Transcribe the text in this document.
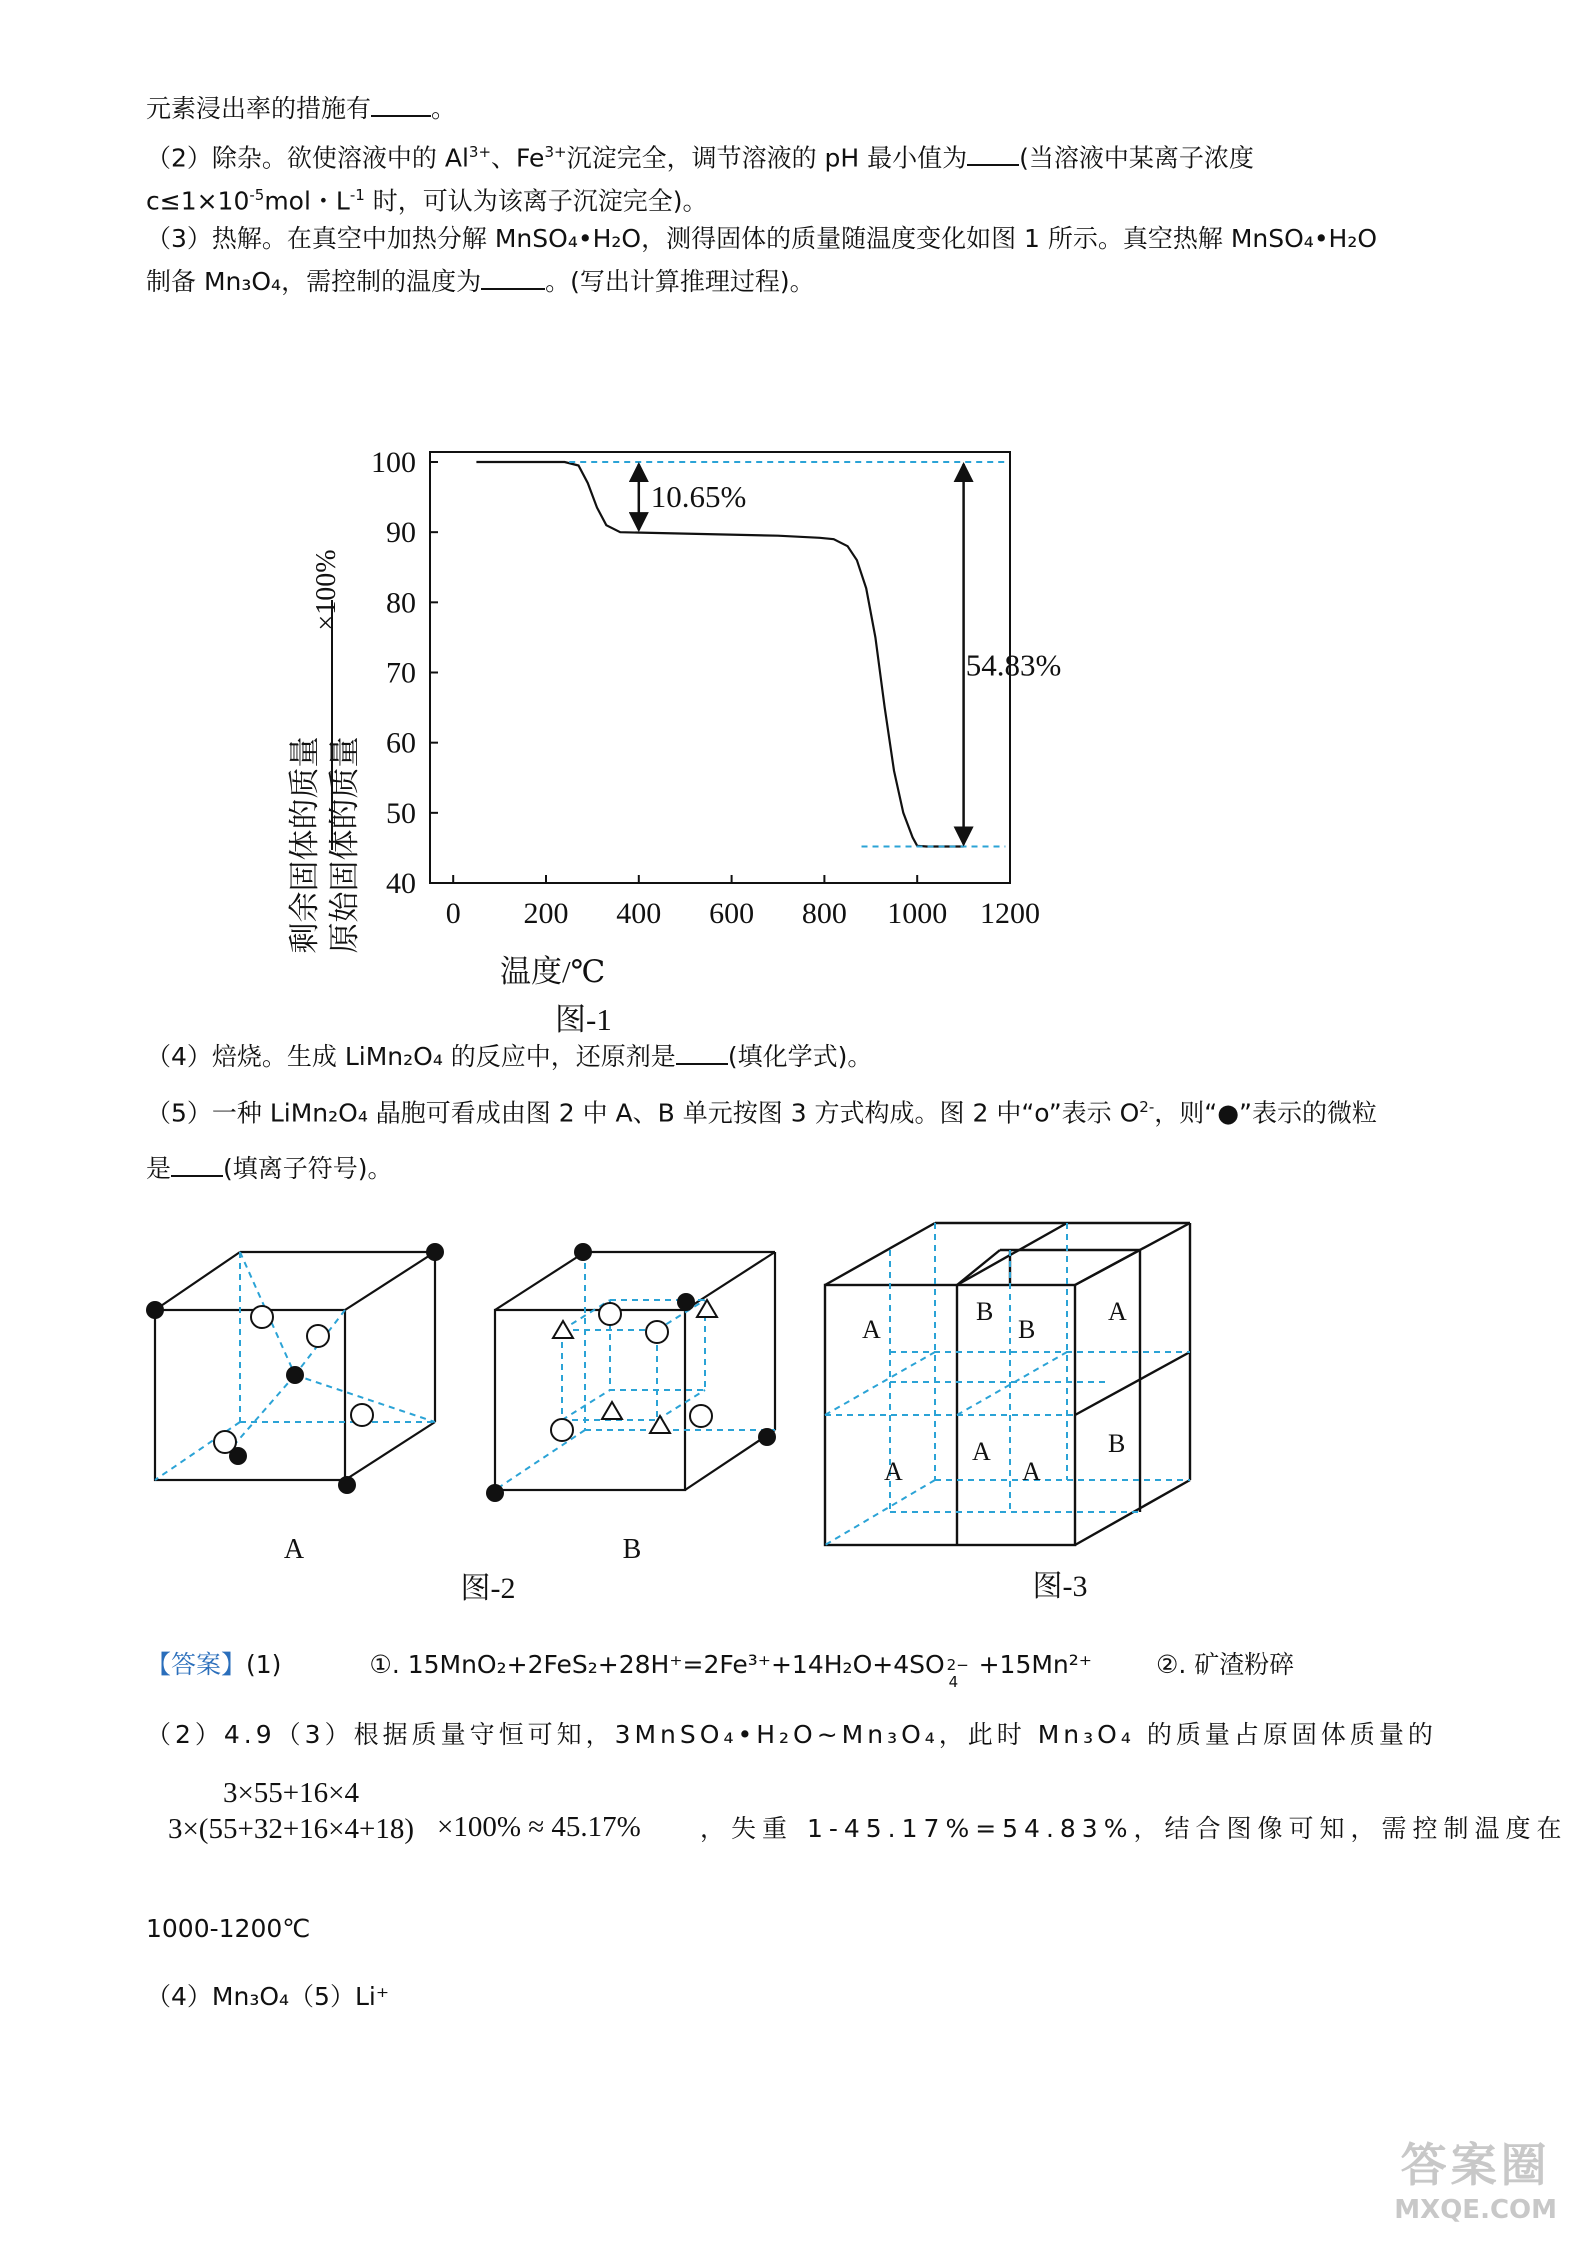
元素浸出率的措施有 。
（2）除杂。欲使溶液中的 $Al^{3+}$、$Fe^{3+}$沉淀完全，调节溶液的 pH 最小值为 (当溶液中某离子浓度
$c\le 1\times 10^{-5}mol$・$L^{-1}$ 时，可认为该离子沉淀完全)。
（3）热解。在真空中加热分解 MnSO₄•H₂O，测得固体的质量随温度变化如图 1 所示。真空热解 MnSO₄•H₂O
制备 Mn₃O₄，需控制的温度为	。(写出计算推理过程)。
40
50
60
70
80
90
100
0 200 400 600 800 1000 1200
10.65%
54.83%
剩余固体的质量 原始固体的质量
×100%
温度/℃
图-1
（4）焙烧。生成 LiMn₂O₄ 的反应中，还原剂是 (填化学式)。
（5）一种 LiMn₂O₄ 晶胞可看成由图 2 中 A、B 单元按图 3 方式构成。图 2 中“o”表示 $O^{2-}$，则“●”表示的微粒
是 (填离子符号)。
A	B
图-2
A
B
B
A
A	B
A
A
图-3
【答案】(1)	①. 15MnO₂+2FeS₂+28H⁺=2Fe³⁺+14H₂O+4SO 2−
4
+15Mn²⁺	②. 矿渣粉碎
（2）4.9（3）根据质量守恒可知，3MnSO₄•H₂O~Mn₃O₄，此时 Mn₃O₄ 的质量占原固体质量的
3×55+16×4
3×(55+32+16×4+18) ×100% ≈ 45.17% ，失重 1-45.17%=54.83%，结合图像可知，需控制温度在
1000-1200℃
（4）Mn₃O₄（5）Li⁺
答案圈
MXQE.COM
